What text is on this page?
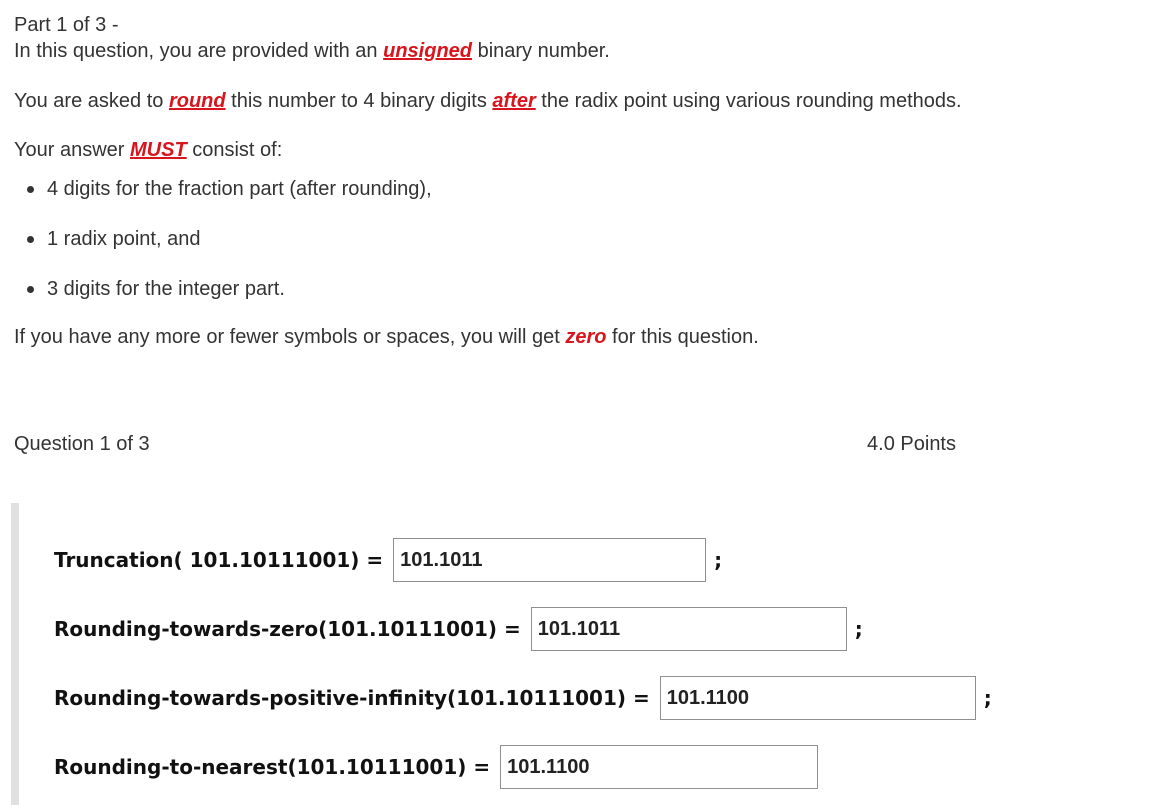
Part 1 of 3 -

In this question, you are provided with an unsigned binary number.

You are asked to round this number to 4 binary digits after the radix point using various rounding methods.

Your answer MUST consist of:

4 digits for the fraction part (after rounding),
1 radix point, and
3 digits for the integer part.

If you have any more or fewer symbols or spaces, you will get zero for this question.

Question 1 of 3	4.0 Points
Truncation( 101.10111001) = 101.1011	;
Rounding-towards-zero(101.10111001) = 101.1011	;
Rounding-towards-positive-infinity(101.10111001) = 101.1100	;
Rounding-to-nearest(101.10111001) = 101.1100
